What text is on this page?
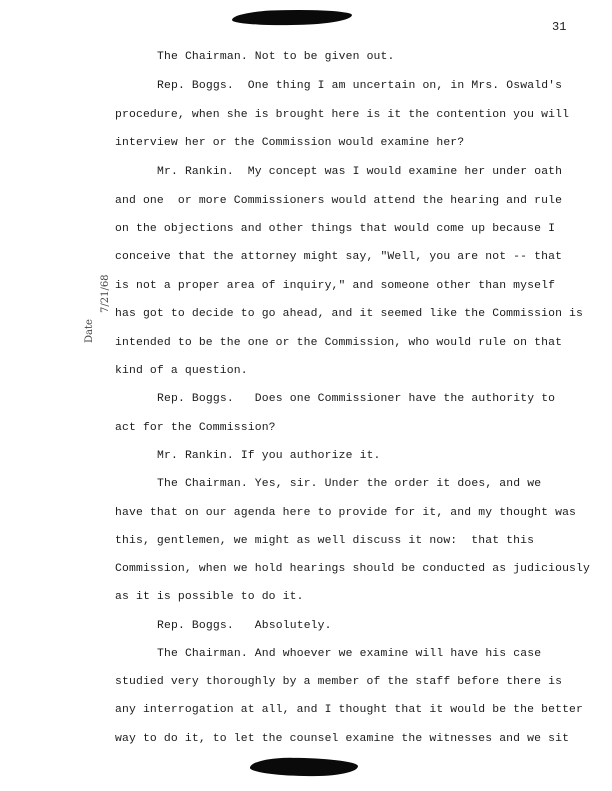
31
Date
7/21/68
The Chairman. Not to be given out.
Rep. Boggs.  One thing I am uncertain on, in Mrs. Oswald's
procedure, when she is brought here is it the contention you will
interview her or the Commission would examine her?
Mr. Rankin.  My concept was I would examine her under oath
and one  or more Commissioners would attend the hearing and rule
on the objections and other things that would come up because I
conceive that the attorney might say, "Well, you are not -- that
is not a proper area of inquiry," and someone other than myself
has got to decide to go ahead, and it seemed like the Commission is
intended to be the one or the Commission, who would rule on that
kind of a question.
Rep. Boggs.   Does one Commissioner have the authority to
act for the Commission?
Mr. Rankin. If you authorize it.
The Chairman. Yes, sir. Under the order it does, and we
have that on our agenda here to provide for it, and my thought was
this, gentlemen, we might as well discuss it now:  that this
Commission, when we hold hearings should be conducted as judiciously
as it is possible to do it.
Rep. Boggs.   Absolutely.
The Chairman. And whoever we examine will have his case
studied very thoroughly by a member of the staff before there is
any interrogation at all, and I thought that it would be the better
way to do it, to let the counsel examine the witnesses and we sit
